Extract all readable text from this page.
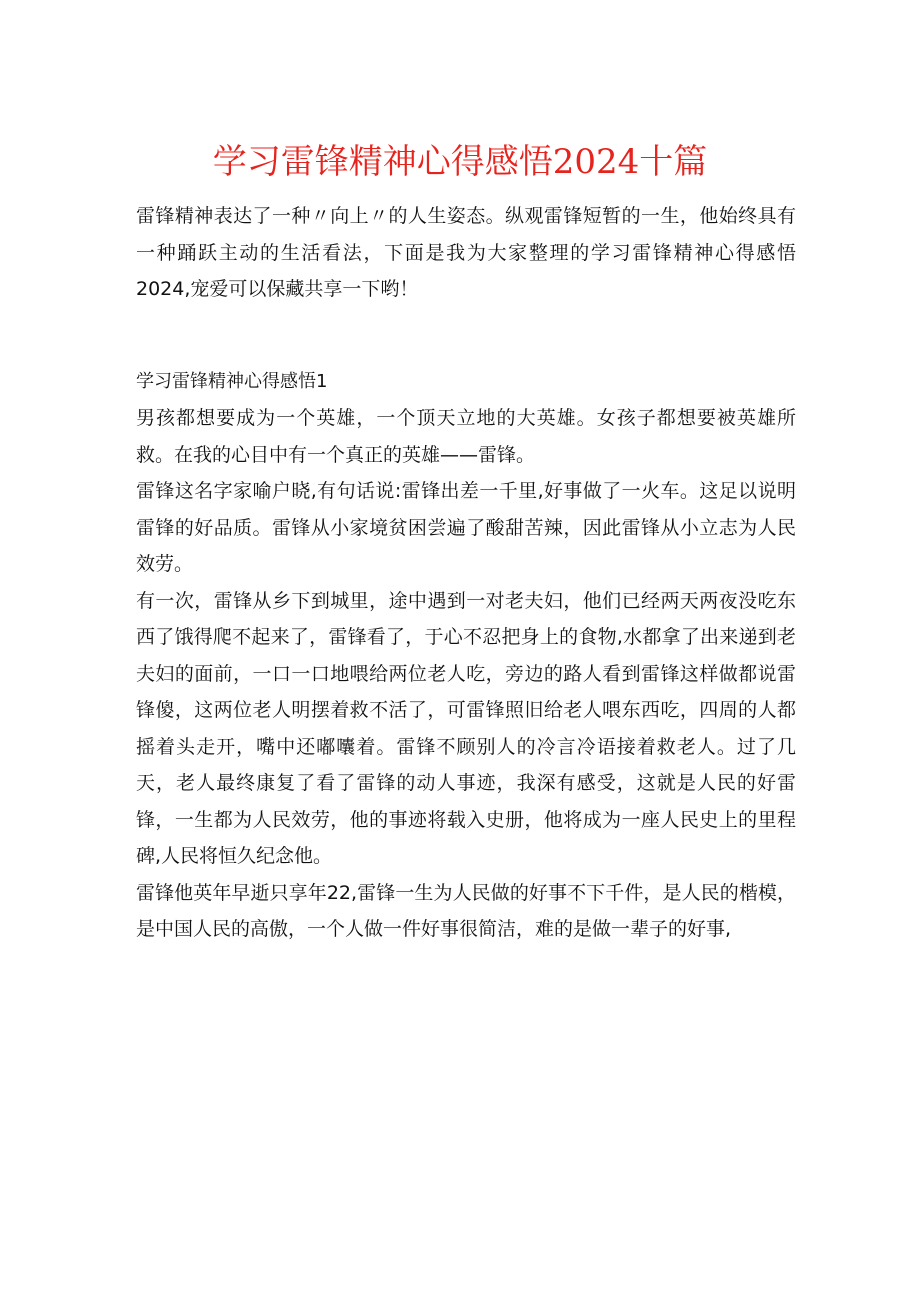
学习雷锋精神心得感悟2024十篇

雷锋精神表达了一种〃向上〃的人生姿态。纵观雷锋短暂的一生，他始终具有一种踊跃主动的生活看法，下面是我为大家整理的学习雷锋精神心得感悟2024,宠爱可以保藏共享一下哟！

学习雷锋精神心得感悟1

男孩都想要成为一个英雄，一个顶天立地的大英雄。女孩子都想要被英雄所救。在我的心目中有一个真正的英雄——雷锋。

雷锋这名字家喻户晓,有句话说:雷锋出差一千里,好事做了一火车。这足以说明雷锋的好品质。雷锋从小家境贫困尝遍了酸甜苦辣，因此雷锋从小立志为人民效劳。

有一次，雷锋从乡下到城里，途中遇到一对老夫妇，他们已经两天两夜没吃东西了饿得爬不起来了，雷锋看了，于心不忍把身上的食物,水都拿了出来递到老夫妇的面前，一口一口地喂给两位老人吃，旁边的路人看到雷锋这样做都说雷锋傻，这两位老人明摆着救不活了，可雷锋照旧给老人喂东西吃，四周的人都摇着头走开，嘴中还嘟囔着。雷锋不顾别人的冷言冷语接着救老人。过了几天，老人最终康复了看了雷锋的动人事迹，我深有感受，这就是人民的好雷锋，一生都为人民效劳，他的事迹将载入史册，他将成为一座人民史上的里程碑,人民将恒久纪念他。

雷锋他英年早逝只享年22,雷锋一生为人民做的好事不下千件，是人民的楷模，是中国人民的高傲，一个人做一件好事很简洁，难的是做一辈子的好事,
